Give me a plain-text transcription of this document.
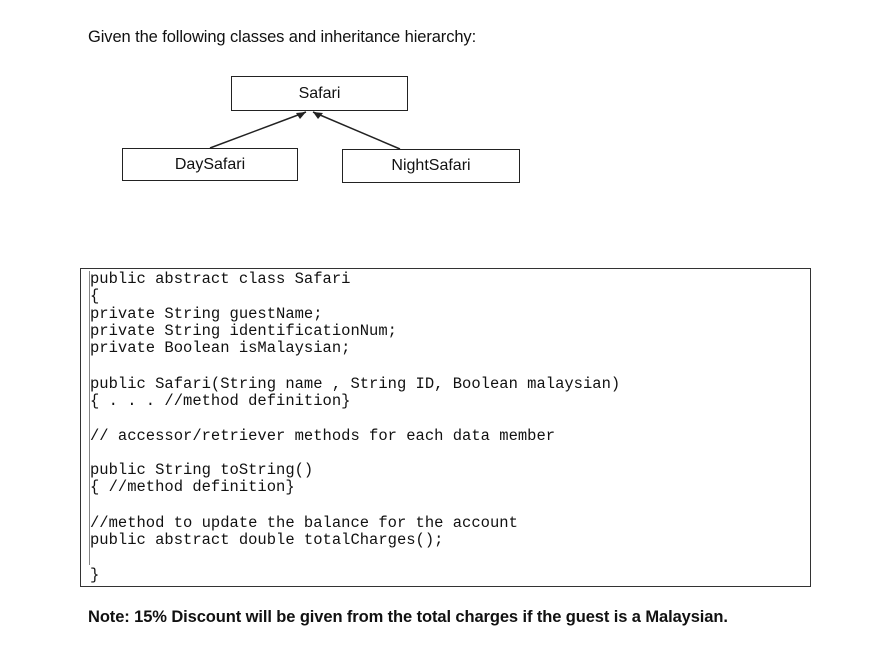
Given the following classes and inheritance hierarchy:
Safari
DaySafari	NightSafari
public abstract class Safari
{
private String guestName;
private String identificationNum;
private Boolean isMalaysian;
public Safari(String name , String ID, Boolean malaysian)
{ . . . //method definition}
// accessor/retriever methods for each data member
public String toString()
{ //method definition}
//method to update the balance for the account
public abstract double totalCharges();
}
Note: 15% Discount will be given from the total charges if the guest is a Malaysian.
